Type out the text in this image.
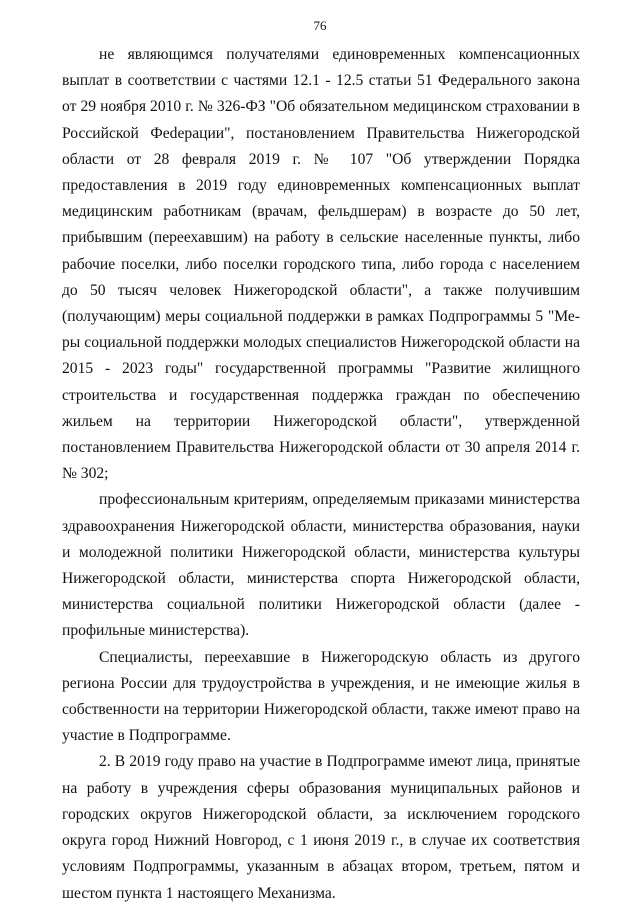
76

не являющимся получателями единовременных компенсационных выплат в соответствии с частями 12.1 - 12.5 статьи 51 Федерального закона от 29 ноября 2010 г. № 326-ФЗ "Об обязательном медицинском страховании в Российской Феdерации", постановлением Правительства Нижегородской области от 28 февраля 2019 г. № 107 "Об утверждении Порядка предоставления в 2019 году единовременных компенсационных выплат медицинским работникам (врачам, фельдшерам) в возрасте до 50 лет, прибывшим (переехавшим) на работу в сельские населенные пункты, либо рабочие поселки, либо поселки городского типа, либо города с населением до 50 тысяч человек Нижегородской области", а также получившим (получающим) меры социальной поддержки в рамках Подпрограммы 5 "Меры социальной поддержки молодых специалистов Нижегородской области на 2015 - 2023 годы" государственной программы "Развитие жилищного строительства и государственная поддержка граждан по обеспечению жильем на территории Нижегородской области", утвержденной постановлением Правительства Нижегородской области от 30 апреля 2014 г. № 302;

профессиональным критериям, определяемым приказами министерства здравоохранения Нижегородской области, министерства образования, науки и молодежной политики Нижегородской области, министерства культуры Нижегородской области, министерства спорта Нижегородской области, министерства социальной политики Нижегородской области (далее - профильные министерства).

Специалисты, переехавшие в Нижегородскую область из другого региона России для трудоустройства в учреждения, и не имеющие жилья в собственности на территории Нижегородской области, также имеют право на участие в Подпрограмме.

2. В 2019 году право на участие в Подпрограмме имеют лица, принятые на работу в учреждения сферы образования муниципальных районов и городских округов Нижегородской области, за исключением городского округа город Нижний Новгород, с 1 июня 2019 г., в случае их соответствия условиям Подпрограммы, указанным в абзацах втором, третьем, пятом и шестом пункта 1 настоящего Механизма.
